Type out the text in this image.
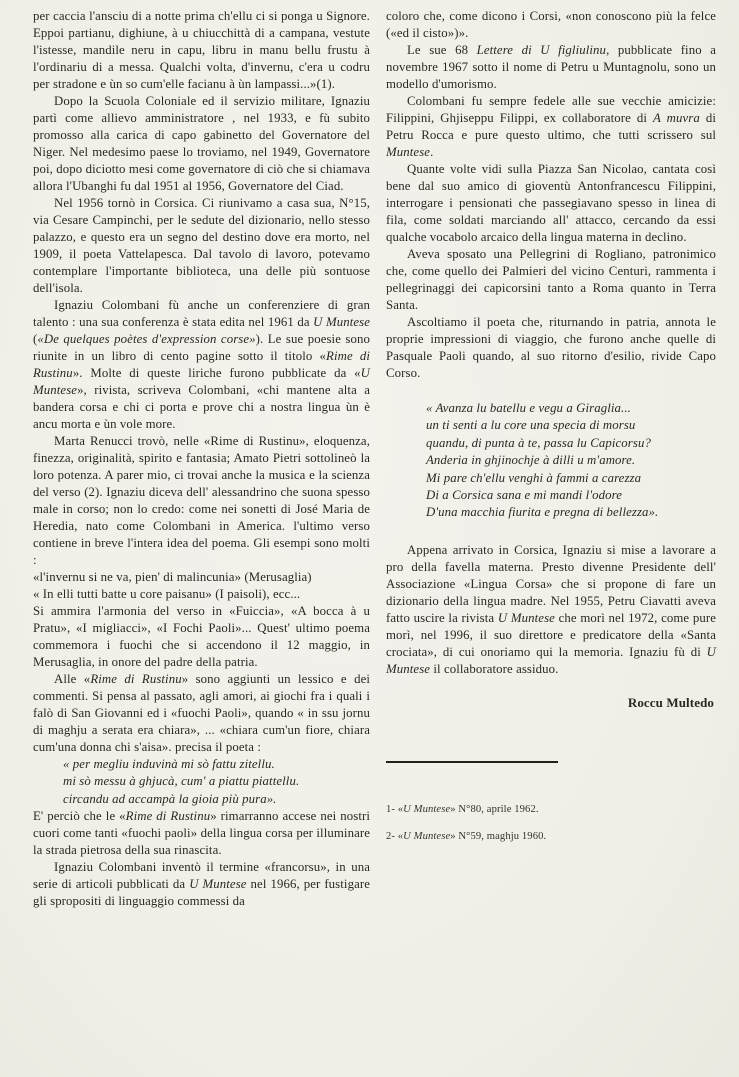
per caccia l'ansciu di a notte prima ch'ellu ci si ponga u Signore. Eppoi partianu, dighiune, à u chiucchittà di a campana, vestute l'istesse, mandile neru in capu, libru in manu bellu frustu à l'ordinariu di a messa. Qualchi volta, d'invernu, c'era u codru per stradone e ùn so cum'elle facianu à ùn lampassi...»(1).

Dopo la Scuola Coloniale ed il servizio militare, Ignaziu partì come allievo amministratore , nel 1933, e fù subito promosso alla carica di capo gabinetto del Governatore del Niger. Nel medesimo paese lo troviamo, nel 1949, Governatore poi, dopo diciotto mesi come governatore di ciò che si chiamava allora l'Ubanghi fu dal 1951 al 1956, Governatore del Ciad.

Nel 1956 tornò in Corsica. Ci riunivamo a casa sua, N°15, via Cesare Campinchi, per le sedute del dizionario, nello stesso palazzo, e questo era un segno del destino dove era morto, nel 1909, il poeta Vattelapesca. Dal tavolo di lavoro, potevamo contemplare l'importante biblioteca, una delle più sontuose dell'isola.

Ignaziu Colombani fù anche un conferenziere di gran talento : una sua conferenza è stata edita nel 1961 da U Muntese («De quelques poètes d'expression corse»). Le sue poesie sono riunite in un libro di cento pagine sotto il titolo «Rime di Rustinu». Molte di queste liriche furono pubblicate da «U Muntese», rivista, scriveva Colombani, «chi mantene alta a bandera corsa e chi ci porta e prove chi a nostra lingua ùn è ancu morta e ùn vole more.

Marta Renucci trovò, nelle «Rime di Rustinu», eloquenza, finezza, originalità, spirito e fantasia; Amato Pietri sottolineò la loro potenza. A parer mio, ci trovai anche la musica e la scienza del verso (2). Ignaziu diceva dell' alessandrino che suona spesso male in corso; non lo credo: come nei sonetti di José Maria de Heredia, nato come Colombani in America. l'ultimo verso contiene in breve l'intera idea del poema. Gli esempi sono molti :

«l'invernu si ne va, pien' di malincunia» (Merusaglia)

« In elli tutti batte u core paisanu» (I paisoli), ecc...

Si ammira l'armonia del verso in «Fuiccia», «A bocca à u Pratu», «I migliacci», «I Fochi Paoli»... Quest' ultimo poema commemora i fuochi che si accendono il 12 maggio, in Merusaglia, in onore del padre della patria.

Alle «Rime di Rustinu» sono aggiunti un lessico e dei commenti. Si pensa al passato, agli amori, ai giochi fra i quali i falò di San Giovanni ed i «fuochi Paoli», quando « in ssu jornu di maghju a serata era chiara», ... «chiara cum'un fiore, chiara cum'una donna chi s'aisa». precisa il poeta :

« per megliu induvinà mi sò fattu zitellu.

mi sò messu à ghjucà, cum' a piattu piattellu.

circandu ad accampà la gioia più pura».

E' perciò che le «Rime di Rustinu» rimarranno accese nei nostri cuori come tanti «fuochi paoli» della lingua corsa per illuminare la strada pietrosa della sua rinascita.

Ignaziu Colombani inventò il termine «francorsu», in una serie di articoli pubblicati da U Muntese nel 1966, per fustigare gli spropositi di linguaggio commessi da

coloro che, come dicono i Corsi, «non conoscono più la felce («ed il cisto»)».

Le sue 68 Lettere di U figliulinu, pubblicate fino a novembre 1967 sotto il nome di Petru u Muntagnolu, sono un modello d'umorismo.

Colombani fu sempre fedele alle sue vecchie amicizie: Filippini, Ghjiseppu Filippi, ex collaboratore di A muvra di Petru Rocca e pure questo ultimo, che tutti scrissero sul Muntese.

Quante volte vidi sulla Piazza San Nicolao, cantata così bene dal suo amico di gioventù Antonfrancescu Filippini, interrogare i pensionati che passegiavano spesso in linea di fila, come soldati marciando all' attacco, cercando da essi qualche vocabolo arcaico della lingua materna in declino.

Aveva sposato una Pellegrini di Rogliano, patronimico che, come quello dei Palmieri del vicino Centuri, rammenta i pellegrinaggi dei capicorsini tanto a Roma quanto in Terra Santa.

Ascoltiamo il poeta che, riturnando in patria, annota le proprie impressioni di viaggio, che furono anche quelle di Pasquale Paoli quando, al suo ritorno d'esilio, rivide Capo Corso.

« Avanza lu batellu e vegu a Giraglia...

un ti senti a lu core una specia di morsu

quandu, di punta à te, passa lu Capicorsu?

Anderia in ghjinochje à dilli u m'amore.

Mi pare ch'ellu venghi à fammi a carezza

Di a Corsica sana e mi mandi l'odore

D'una macchia fiurita e pregna di bellezza».

Appena arrivato in Corsica, Ignaziu si mise a lavorare a pro della favella materna. Presto divenne Presidente dell' Associazione «Lingua Corsa» che si propone di fare un dizionario della lingua madre. Nel 1955, Petru Ciavatti aveva fatto uscire la rivista U Muntese che morì nel 1972, come pure morì, nel 1996, il suo direttore e predicatore della «Santa crociata», di cui onoriamo qui la memoria. Ignaziu fù di U Muntese il collaboratore assiduo.

Roccu Multedo

1- «U Muntese» N°80, aprile 1962.

2- «U Muntese» N°59, maghju 1960.
